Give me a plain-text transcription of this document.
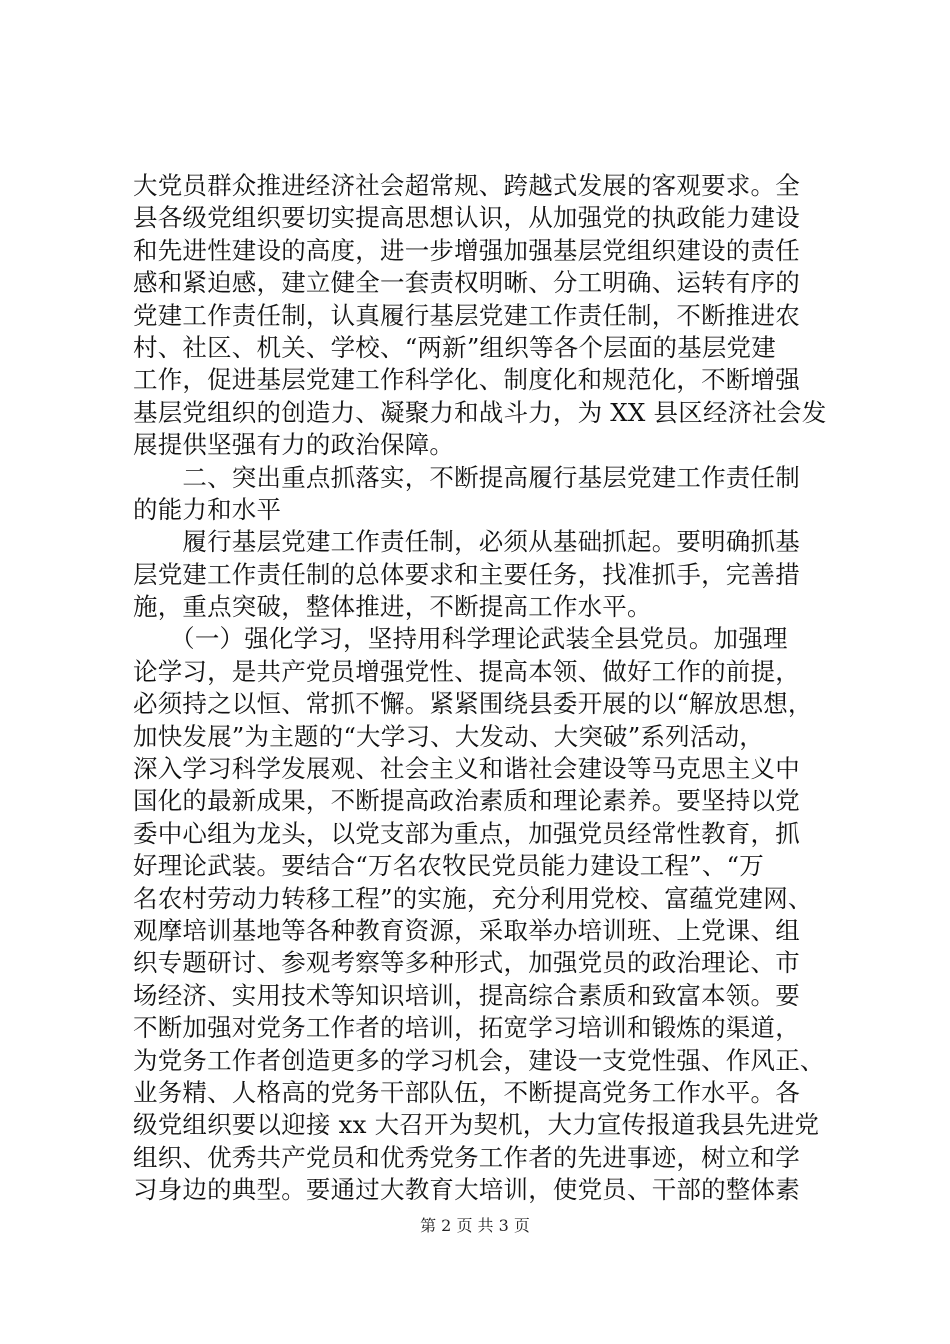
大党员群众推进经济社会超常规、跨越式发展的客观要求。全
县各级党组织要切实提高思想认识，从加强党的执政能力建设
和先进性建设的高度，进一步增强加强基层党组织建设的责任
感和紧迫感，建立健全一套责权明晰、分工明确、运转有序的
党建工作责任制，认真履行基层党建工作责任制，不断推进农
村、社区、机关、学校、“两新”组织等各个层面的基层党建
工作，促进基层党建工作科学化、制度化和规范化，不断增强
基层党组织的创造力、凝聚力和战斗力，为 XX 县区经济社会发
展提供坚强有力的政治保障。
　　二、突出重点抓落实，不断提高履行基层党建工作责任制
的能力和水平
　　履行基层党建工作责任制，必须从基础抓起。要明确抓基
层党建工作责任制的总体要求和主要任务，找准抓手，完善措
施，重点突破，整体推进，不断提高工作水平。
　　（一）强化学习，坚持用科学理论武装全县党员。加强理
论学习，是共产党员增强党性、提高本领、做好工作的前提，
必须持之以恒、常抓不懈。紧紧围绕县委开展的以“解放思想，
加快发展”为主题的“大学习、大发动、大突破”系列活动，
深入学习科学发展观、社会主义和谐社会建设等马克思主义中
国化的最新成果，不断提高政治素质和理论素养。要坚持以党
委中心组为龙头，以党支部为重点，加强党员经常性教育，抓
好理论武装。要结合“万名农牧民党员能力建设工程”、“万
名农村劳动力转移工程”的实施，充分利用党校、富蕴党建网、
观摩培训基地等各种教育资源，采取举办培训班、上党课、组
织专题研讨、参观考察等多种形式，加强党员的政治理论、市
场经济、实用技术等知识培训，提高综合素质和致富本领。要
不断加强对党务工作者的培训，拓宽学习培训和锻炼的渠道，
为党务工作者创造更多的学习机会，建设一支党性强、作风正、
业务精、人格高的党务干部队伍，不断提高党务工作水平。各
级党组织要以迎接 xx 大召开为契机，大力宣传报道我县先进党
组织、优秀共产党员和优秀党务工作者的先进事迹，树立和学
习身边的典型。要通过大教育大培训，使党员、干部的整体素
第 2 页 共 3 页
